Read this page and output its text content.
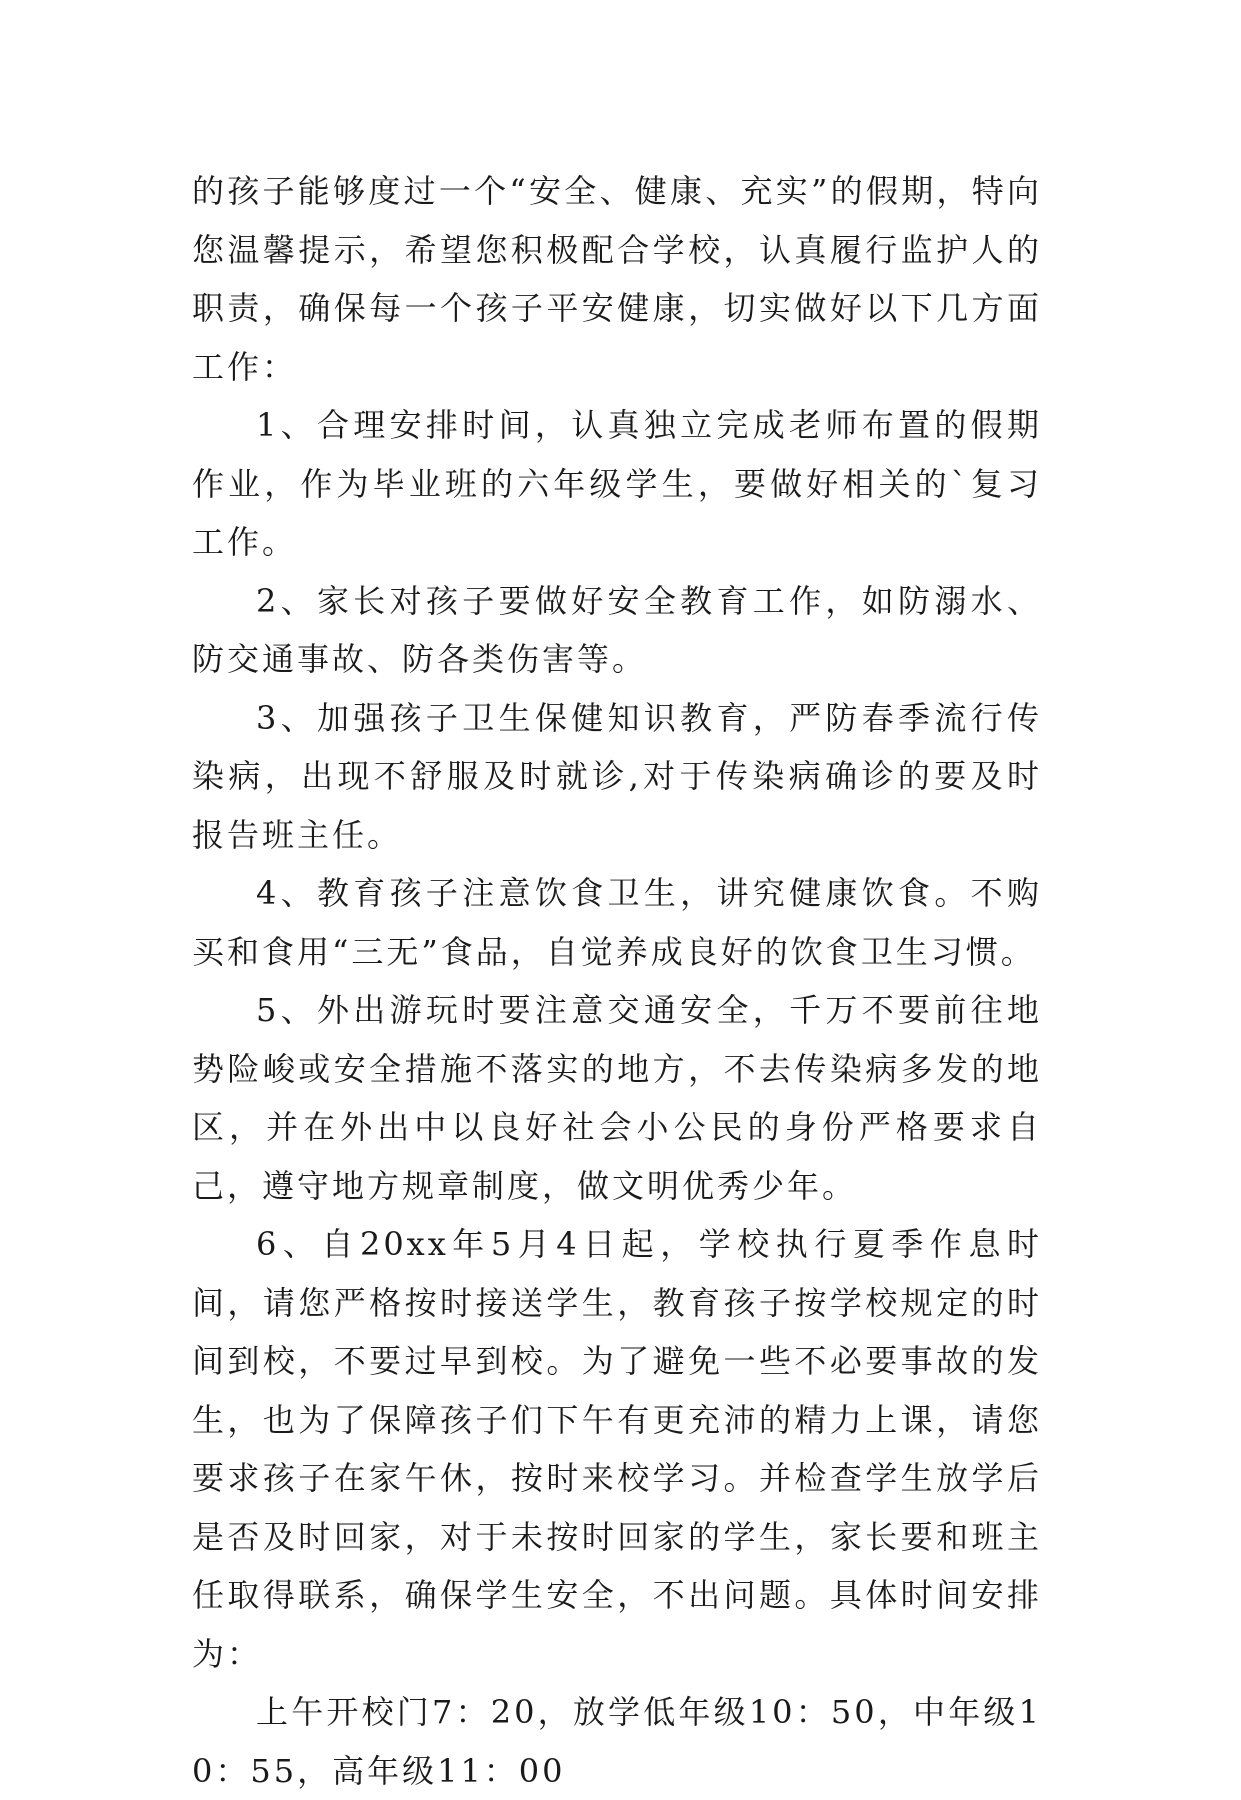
的孩子能够度过一个“安全、健康、充实”的假期，特向您温馨提示，希望您积极配合学校，认真履行监护人的职责，确保每一个孩子平安健康，切实做好以下几方面工作：

1、合理安排时间，认真独立完成老师布置的假期作业，作为毕业班的六年级学生，要做好相关的`复习工作。

2、家长对孩子要做好安全教育工作，如防溺水、防交通事故、防各类伤害等。

3、加强孩子卫生保健知识教育，严防春季流行传染病，出现不舒服及时就诊,对于传染病确诊的要及时报告班主任。

4、教育孩子注意饮食卫生，讲究健康饮食。不购买和食用“三无”食品，自觉养成良好的饮食卫生习惯。

5、外出游玩时要注意交通安全，千万不要前往地势险峻或安全措施不落实的地方，不去传染病多发的地区，并在外出中以良好社会小公民的身份严格要求自己，遵守地方规章制度，做文明优秀少年。

6、自20xx年5月4日起，学校执行夏季作息时间，请您严格按时接送学生，教育孩子按学校规定的时间到校，不要过早到校。为了避免一些不必要事故的发生，也为了保障孩子们下午有更充沛的精力上课，请您要求孩子在家午休，按时来校学习。并检查学生放学后是否及时回家，对于未按时回家的学生，家长要和班主任取得联系，确保学生安全，不出问题。具体时间安排为：

上午开校门7：20，放学低年级10：50，中年级10：55，高年级11：00
